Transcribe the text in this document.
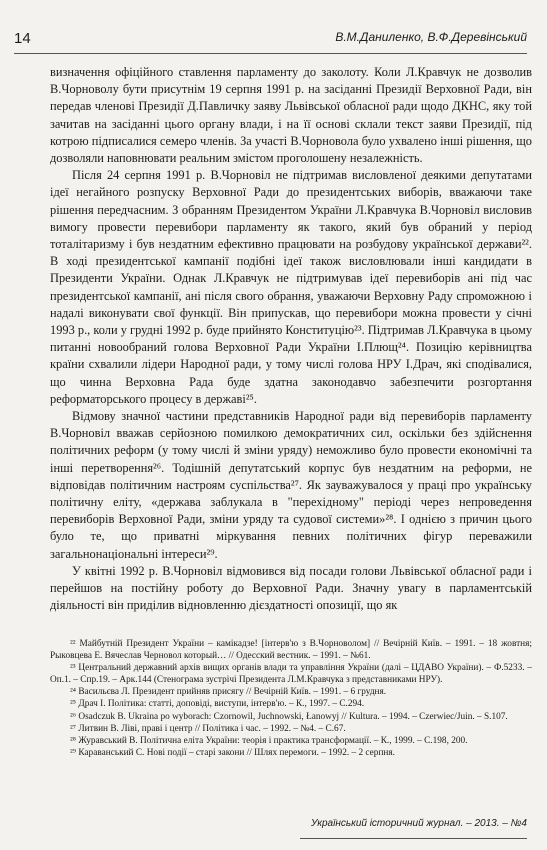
14	В.М.Даниленко, В.Ф.Деревінський

визначення офіційного ставлення парламенту до заколоту. Коли Л.Кравчук не дозволив В.Чорноволу бути присутнім 19 серпня 1991 р. на засіданні Президії Верховної Ради, він передав членові Президії Д.Павличку заяву Львівської обласної ради щодо ДКНС, яку той зачитав на засіданні цього органу влади, і на її основі склали текст заяви Президії, під котрою підписалися семеро членів. За участі В.Чорновола було ухвалено інші рішення, що дозволяли наповнювати реальним змістом проголошену незалежність.

Після 24 серпня 1991 р. В.Чорновіл не підтримав висловленої деякими депутатами ідеї негайного розпуску Верховної Ради до президентських виборів, вважаючи таке рішення передчасним. З обранням Президентом України Л.Кравчука В.Чорновіл висловив вимогу провести перевибори парламенту як такого, який був обраний у період тоталітаризму і був нездатним ефективно працювати на розбудову української держави²². В ході президентської кампанії подібні ідеї також висловлювали інші кандидати в Президенти України. Однак Л.Кравчук не підтримував ідеї перевиборів ані під час президентської кампанії, ані після свого обрання, уважаючи Верховну Раду спроможною і надалі виконувати свої функції. Він припускав, що перевибори можна провести у січні 1993 р., коли у грудні 1992 р. буде прийнято Конституцію²³. Підтримав Л.Кравчука в цьому питанні новообраний голова Верховної Ради України І.Плющ²⁴. Позицію керівництва країни схвалили лідери Народної ради, у тому числі голова НРУ І.Драч, які сподівалися, що чинна Верховна Рада буде здатна законодавчо забезпечити розгортання реформаторського процесу в державі²⁵.

Відмову значної частини представників Народної ради від перевиборів парламенту В.Чорновіл вважав серйозною помилкою демократичних сил, оскільки без здійснення політичних реформ (у тому числі й зміни уряду) неможливо було провести економічні та інші перетворення²⁶. Тодішній депутатський корпус був нездатним на реформи, не відповідав політичним настроям суспільства²⁷. Як зауважувалося у праці про українську політичну еліту, «держава заблукала в "перехідному" періоді через непроведення перевиборів Верховної Ради, зміни уряду та судової системи»²⁸. І однією з причин цього було те, що приватні міркування певних політичних фігур переважили загальнонаціональні інтереси²⁹.

У квітні 1992 р. В.Чорновіл відмовився від посади голови Львівської обласної ради і перейшов на постійну роботу до Верховної Ради. Значну увагу в парламентській діяльності він приділив відновленню дієздатності опозиції, що як

²² Майбутній Президент України – камікадзе! [інтерв'ю з В.Чорноволом] // Вечірній Київ. – 1991. – 18 жовтня; Рыковцева Е. Вячеслав Черновол который… // Одесский вестник. – 1991. – №61.

²³ Центральний державний архів вищих органів влади та управління України (далі – ЦДАВО України). – Ф.5233. – Оп.1. – Спр.19. – Арк.144 (Стенограма зустрічі Президента Л.М.Кравчука з представниками НРУ).

²⁴ Васильєва Л. Президент прийняв присягу // Вечірній Київ. – 1991. – 6 грудня.

²⁵ Драч І. Політика: статті, доповіді, виступи, інтерв'ю. – К., 1997. – С.294.

²⁶ Osadczuk B. Ukraina po wyborach: Czornowil, Juchnowski, Łanowyj // Kultura. – 1994. – Czerwiec/Juin. – S.107.

²⁷ Литвин В. Ліві, праві і центр // Політика і час. – 1992. – №4. – С.67.

²⁸ Журавський В. Політична еліта України: теорія і практика трансформації. – К., 1999. – С.198, 200.

²⁹ Караванський С. Нові події – старі закони // Шлях перемоги. – 1992. – 2 серпня.

Український історичний журнал. – 2013. – №4
